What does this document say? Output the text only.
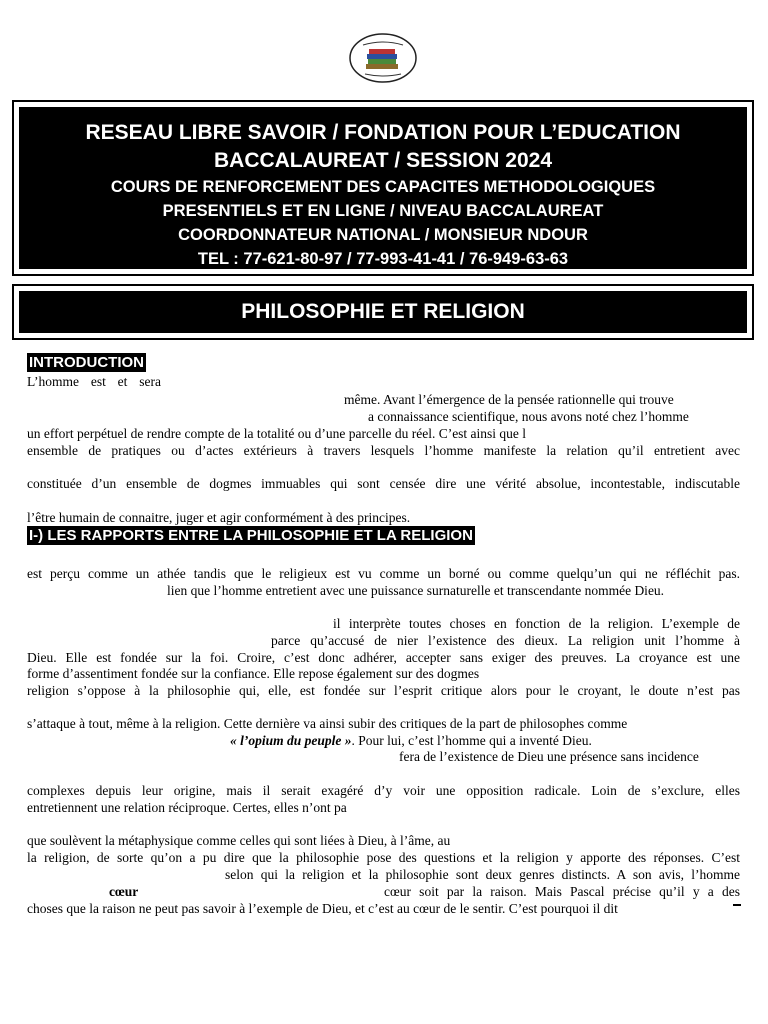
RESEAU LIBRE SAVOIR / FONDATION POUR L’EDUCATION
BACCALAUREAT / SESSION 2024
COURS DE RENFORCEMENT DES CAPACITES METHODOLOGIQUES
PRESENTIELS ET EN LIGNE / NIVEAU BACCALAUREAT
COORDONNATEUR NATIONAL / MONSIEUR NDOUR
TEL : 77-621-80-97 / 77-993-41-41 / 76-949-63-63
PHILOSOPHIE ET RELIGION
INTRODUCTION
L’homme est et sera
même. Avant l’émergence de la pensée rationnelle qui trouve
a connaissance scientifique, nous avons noté chez l’homme
un effort perpétuel de rendre compte de la totalité ou d’une parcelle du réel. C’est ainsi que l
ensemble de pratiques ou d’actes extérieurs à travers lesquels l’homme manifeste la relation qu’il entretient avec
constituée d’un ensemble de dogmes immuables qui sont censée dire une vérité absolue, incontestable, indiscutable
l’être humain de connaitre, juger et agir conformément à des principes.
I-) LES RAPPORTS ENTRE LA PHILOSOPHIE ET LA RELIGION
est perçu comme un athée tandis que le religieux est vu comme un borné ou comme quelqu’un qui ne réfléchit pas.
lien que l’homme entretient avec une puissance surnaturelle et transcendante nommée Dieu.
il interprète toutes choses en fonction de la religion. L’exemple de
parce qu’accusé de nier l’existence des dieux. La religion unit l’homme à
Dieu. Elle est fondée sur la foi. Croire, c’est donc adhérer, accepter sans exiger des preuves. La croyance est une
forme d’assentiment fondée sur la confiance. Elle repose également sur des dogmes
religion s’oppose à la philosophie qui, elle, est fondée sur l’esprit critique alors pour le croyant, le doute n’est pas
s’attaque à tout, même à la religion. Cette dernière va ainsi subir des critiques de la part de philosophes comme
« l’opium du peuple ». Pour lui, c’est l’homme qui a inventé Dieu.
fera de l’existence de Dieu une présence sans incidence
complexes depuis leur origine, mais il serait exagéré d’y voir une opposition radicale. Loin de s’exclure, elles
entretiennent une relation réciproque. Certes, elles n’ont pa
que soulèvent la métaphysique comme celles qui sont liées à Dieu, à l’âme, au
la religion, de sorte qu’on a pu dire que la philosophie pose des questions et la religion y apporte des réponses. C’est
selon qui la religion et la philosophie sont deux genres distincts. A son avis, l’homme
cœur	cœur soit par la raison. Mais Pascal précise qu’il y a des
choses que la raison ne peut pas savoir à l’exemple de Dieu, et c’est au cœur de le sentir. C’est pourquoi il dit
